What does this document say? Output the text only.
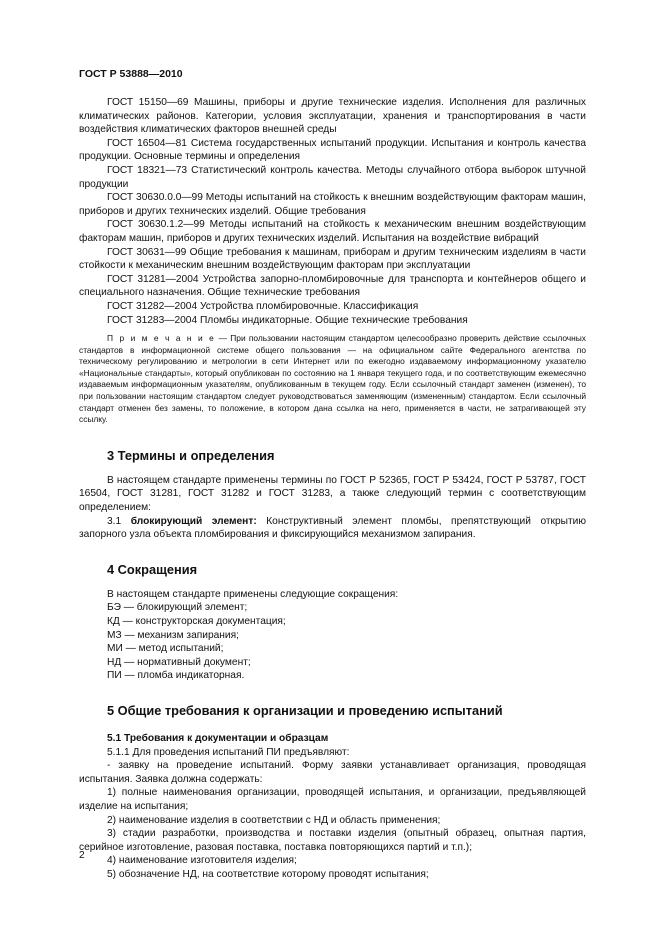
ГОСТ Р 53888—2010

ГОСТ 15150—69 Машины, приборы и другие технические изделия. Исполнения для различных климатических районов. Категории, условия эксплуатации, хранения и транспортирования в части воздействия климатических факторов внешней среды

ГОСТ 16504—81 Система государственных испытаний продукции. Испытания и контроль качества продукции. Основные термины и определения

ГОСТ 18321—73 Статистический контроль качества. Методы случайного отбора выборок штучной продукции

ГОСТ 30630.0.0—99 Методы испытаний на стойкость к внешним воздействующим факторам машин, приборов и других технических изделий. Общие требования

ГОСТ 30630.1.2—99 Методы испытаний на стойкость к механическим внешним воздействующим факторам машин, приборов и других технических изделий. Испытания на воздействие вибраций

ГОСТ 30631—99 Общие требования к машинам, приборам и другим техническим изделиям в части стойкости к механическим внешним воздействующим факторам при эксплуатации

ГОСТ 31281—2004 Устройства запорно-пломбировочные для транспорта и контейнеров общего и специального назначения. Общие технические требования

ГОСТ 31282—2004 Устройства пломбировочные. Классификация

ГОСТ 31283—2004 Пломбы индикаторные. Общие технические требования

П р и м е ч а н и е — При пользовании настоящим стандартом целесообразно проверить действие ссылочных стандартов в информационной системе общего пользования — на официальном сайте Федерального агентства по техническому регулированию и метрологии в сети Интернет или по ежегодно издаваемому информационному указателю «Национальные стандарты», который опубликован по состоянию на 1 января текущего года, и по соответствующим ежемесячно издаваемым информационным указателям, опубликованным в текущем году. Если ссылочный стандарт заменен (изменен), то при пользовании настоящим стандартом следует руководствоваться заменяющим (измененным) стандартом. Если ссылочный стандарт отменен без замены, то положение, в котором дана ссылка на него, применяется в части, не затрагивающей эту ссылку.

3 Термины и определения

В настоящем стандарте применены термины по ГОСТ Р 52365, ГОСТ Р 53424, ГОСТ Р 53787, ГОСТ 16504, ГОСТ 31281, ГОСТ 31282 и ГОСТ 31283, а также следующий термин с соответствующим определением:

3.1 блокирующий элемент: Конструктивный элемент пломбы, препятствующий открытию запорного узла объекта пломбирования и фиксирующийся механизмом запирания.

4 Сокращения

В настоящем стандарте применены следующие сокращения:

БЭ — блокирующий элемент;

КД — конструкторская документация;

МЗ — механизм запирания;

МИ — метод испытаний;

НД — нормативный документ;

ПИ — пломба индикаторная.

5 Общие требования к организации и проведению испытаний

5.1 Требования к документации и образцам

5.1.1 Для проведения испытаний ПИ предъявляют:

- заявку на проведение испытаний. Форму заявки устанавливает организация, проводящая испытания. Заявка должна содержать:

1) полные наименования организации, проводящей испытания, и организации, предъявляющей изделие на испытания;

2) наименование изделия в соответствии с НД и область применения;

3) стадии разработки, производства и поставки изделия (опытный образец, опытная партия, серийное изготовление, разовая поставка, поставка повторяющихся партий и т.п.);

4) наименование изготовителя изделия;

5) обозначение НД, на соответствие которому проводят испытания;

2
